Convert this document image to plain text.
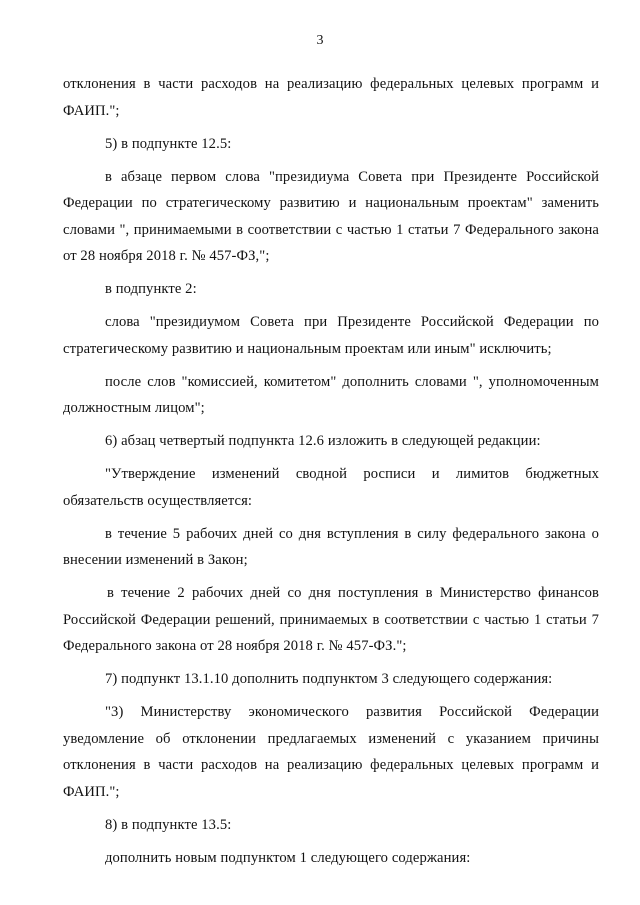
3

отклонения в части расходов на реализацию федеральных целевых программ и ФАИП.";

5) в подпункте 12.5:

в абзаце первом слова "президиума Совета при Президенте Российской Федерации по стратегическому развитию и национальным проектам" заменить словами ", принимаемыми в соответствии с частью 1 статьи 7 Федерального закона от 28 ноября 2018 г. № 457-ФЗ,";

в подпункте 2:

слова "президиумом Совета при Президенте Российской Федерации по стратегическому развитию и национальным проектам или иным" исключить;

после слов "комиссией, комитетом" дополнить словами ", уполномоченным должностным лицом";

6) абзац четвертый подпункта 12.6 изложить в следующей редакции:

"Утверждение изменений сводной росписи и лимитов бюджетных обязательств осуществляется:

в течение 5 рабочих дней со дня вступления в силу федерального закона о внесении изменений в Закон;

в течение 2 рабочих дней со дня поступления в Министерство финансов Российской Федерации решений, принимаемых в соответствии с частью 1 статьи 7 Федерального закона от 28 ноября 2018 г. № 457-ФЗ.";

7) подпункт 13.1.10 дополнить подпунктом 3 следующего содержания:

"3) Министерству экономического развития Российской Федерации уведомление об отклонении предлагаемых изменений с указанием причины отклонения в части расходов на реализацию федеральных целевых программ и ФАИП.";

8) в подпункте 13.5:

дополнить новым подпунктом 1 следующего содержания:
